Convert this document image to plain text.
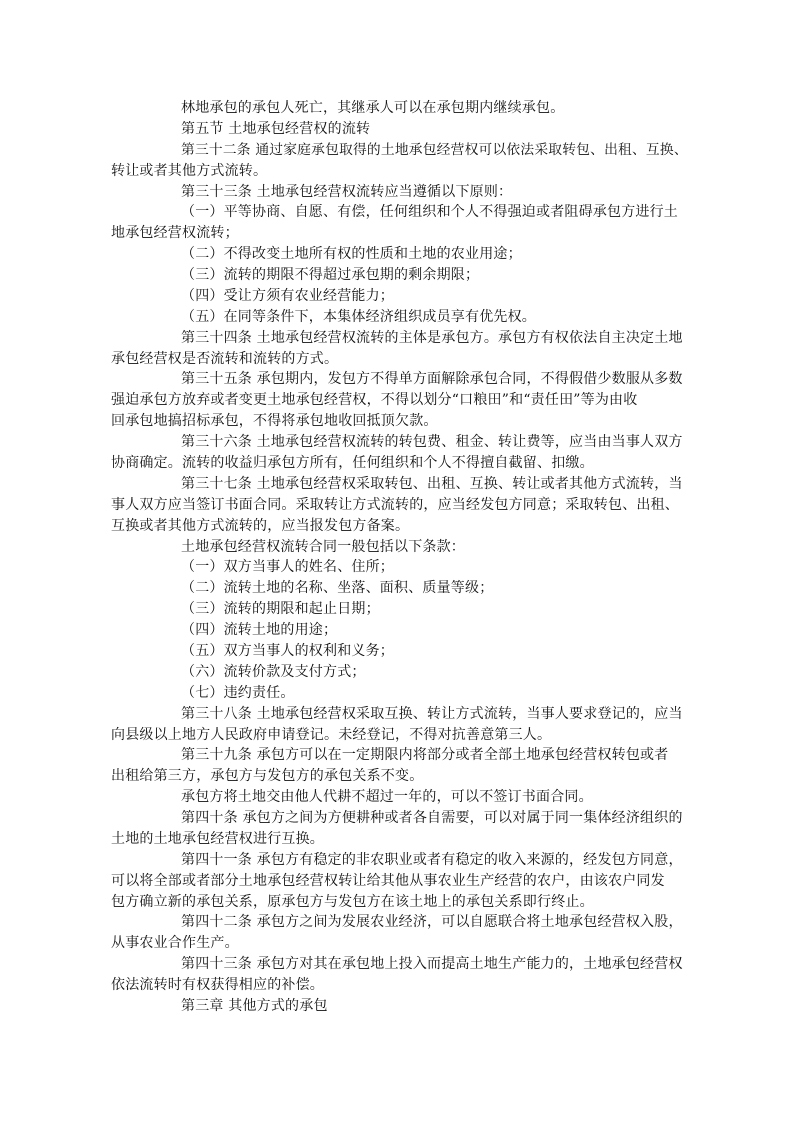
林地承包的承包人死亡，其继承人可以在承包期内继续承包。
第五节 土地承包经营权的流转
第三十二条 通过家庭承包取得的土地承包经营权可以依法采取转包、出租、互换、
转让或者其他方式流转。
第三十三条 土地承包经营权流转应当遵循以下原则：
（一）平等协商、自愿、有偿，任何组织和个人不得强迫或者阻碍承包方进行土
地承包经营权流转；
（二）不得改变土地所有权的性质和土地的农业用途；
（三）流转的期限不得超过承包期的剩余期限；
（四）受让方须有农业经营能力；
（五）在同等条件下，本集体经济组织成员享有优先权。
第三十四条 土地承包经营权流转的主体是承包方。承包方有权依法自主决定土地
承包经营权是否流转和流转的方式。
第三十五条 承包期内，发包方不得单方面解除承包合同，不得假借少数服从多数
强迫承包方放弃或者变更土地承包经营权，不得以划分“口粮田”和“责任田”等为由收
回承包地搞招标承包，不得将承包地收回抵顶欠款。
第三十六条 土地承包经营权流转的转包费、租金、转让费等，应当由当事人双方
协商确定。流转的收益归承包方所有，任何组织和个人不得擅自截留、扣缴。
第三十七条 土地承包经营权采取转包、出租、互换、转让或者其他方式流转，当
事人双方应当签订书面合同。采取转让方式流转的，应当经发包方同意；采取转包、出租、
互换或者其他方式流转的，应当报发包方备案。
土地承包经营权流转合同一般包括以下条款：
（一）双方当事人的姓名、住所；
（二）流转土地的名称、坐落、面积、质量等级；
（三）流转的期限和起止日期；
（四）流转土地的用途；
（五）双方当事人的权利和义务；
（六）流转价款及支付方式；
（七）违约责任。
第三十八条 土地承包经营权采取互换、转让方式流转，当事人要求登记的，应当
向县级以上地方人民政府申请登记。未经登记，不得对抗善意第三人。
第三十九条 承包方可以在一定期限内将部分或者全部土地承包经营权转包或者
出租给第三方，承包方与发包方的承包关系不变。
承包方将土地交由他人代耕不超过一年的，可以不签订书面合同。
第四十条 承包方之间为方便耕种或者各自需要，可以对属于同一集体经济组织的
土地的土地承包经营权进行互换。
第四十一条 承包方有稳定的非农职业或者有稳定的收入来源的，经发包方同意，
可以将全部或者部分土地承包经营权转让给其他从事农业生产经营的农户，由该农户同发
包方确立新的承包关系，原承包方与发包方在该土地上的承包关系即行终止。
第四十二条 承包方之间为发展农业经济，可以自愿联合将土地承包经营权入股，
从事农业合作生产。
第四十三条 承包方对其在承包地上投入而提高土地生产能力的，土地承包经营权
依法流转时有权获得相应的补偿。
第三章 其他方式的承包
